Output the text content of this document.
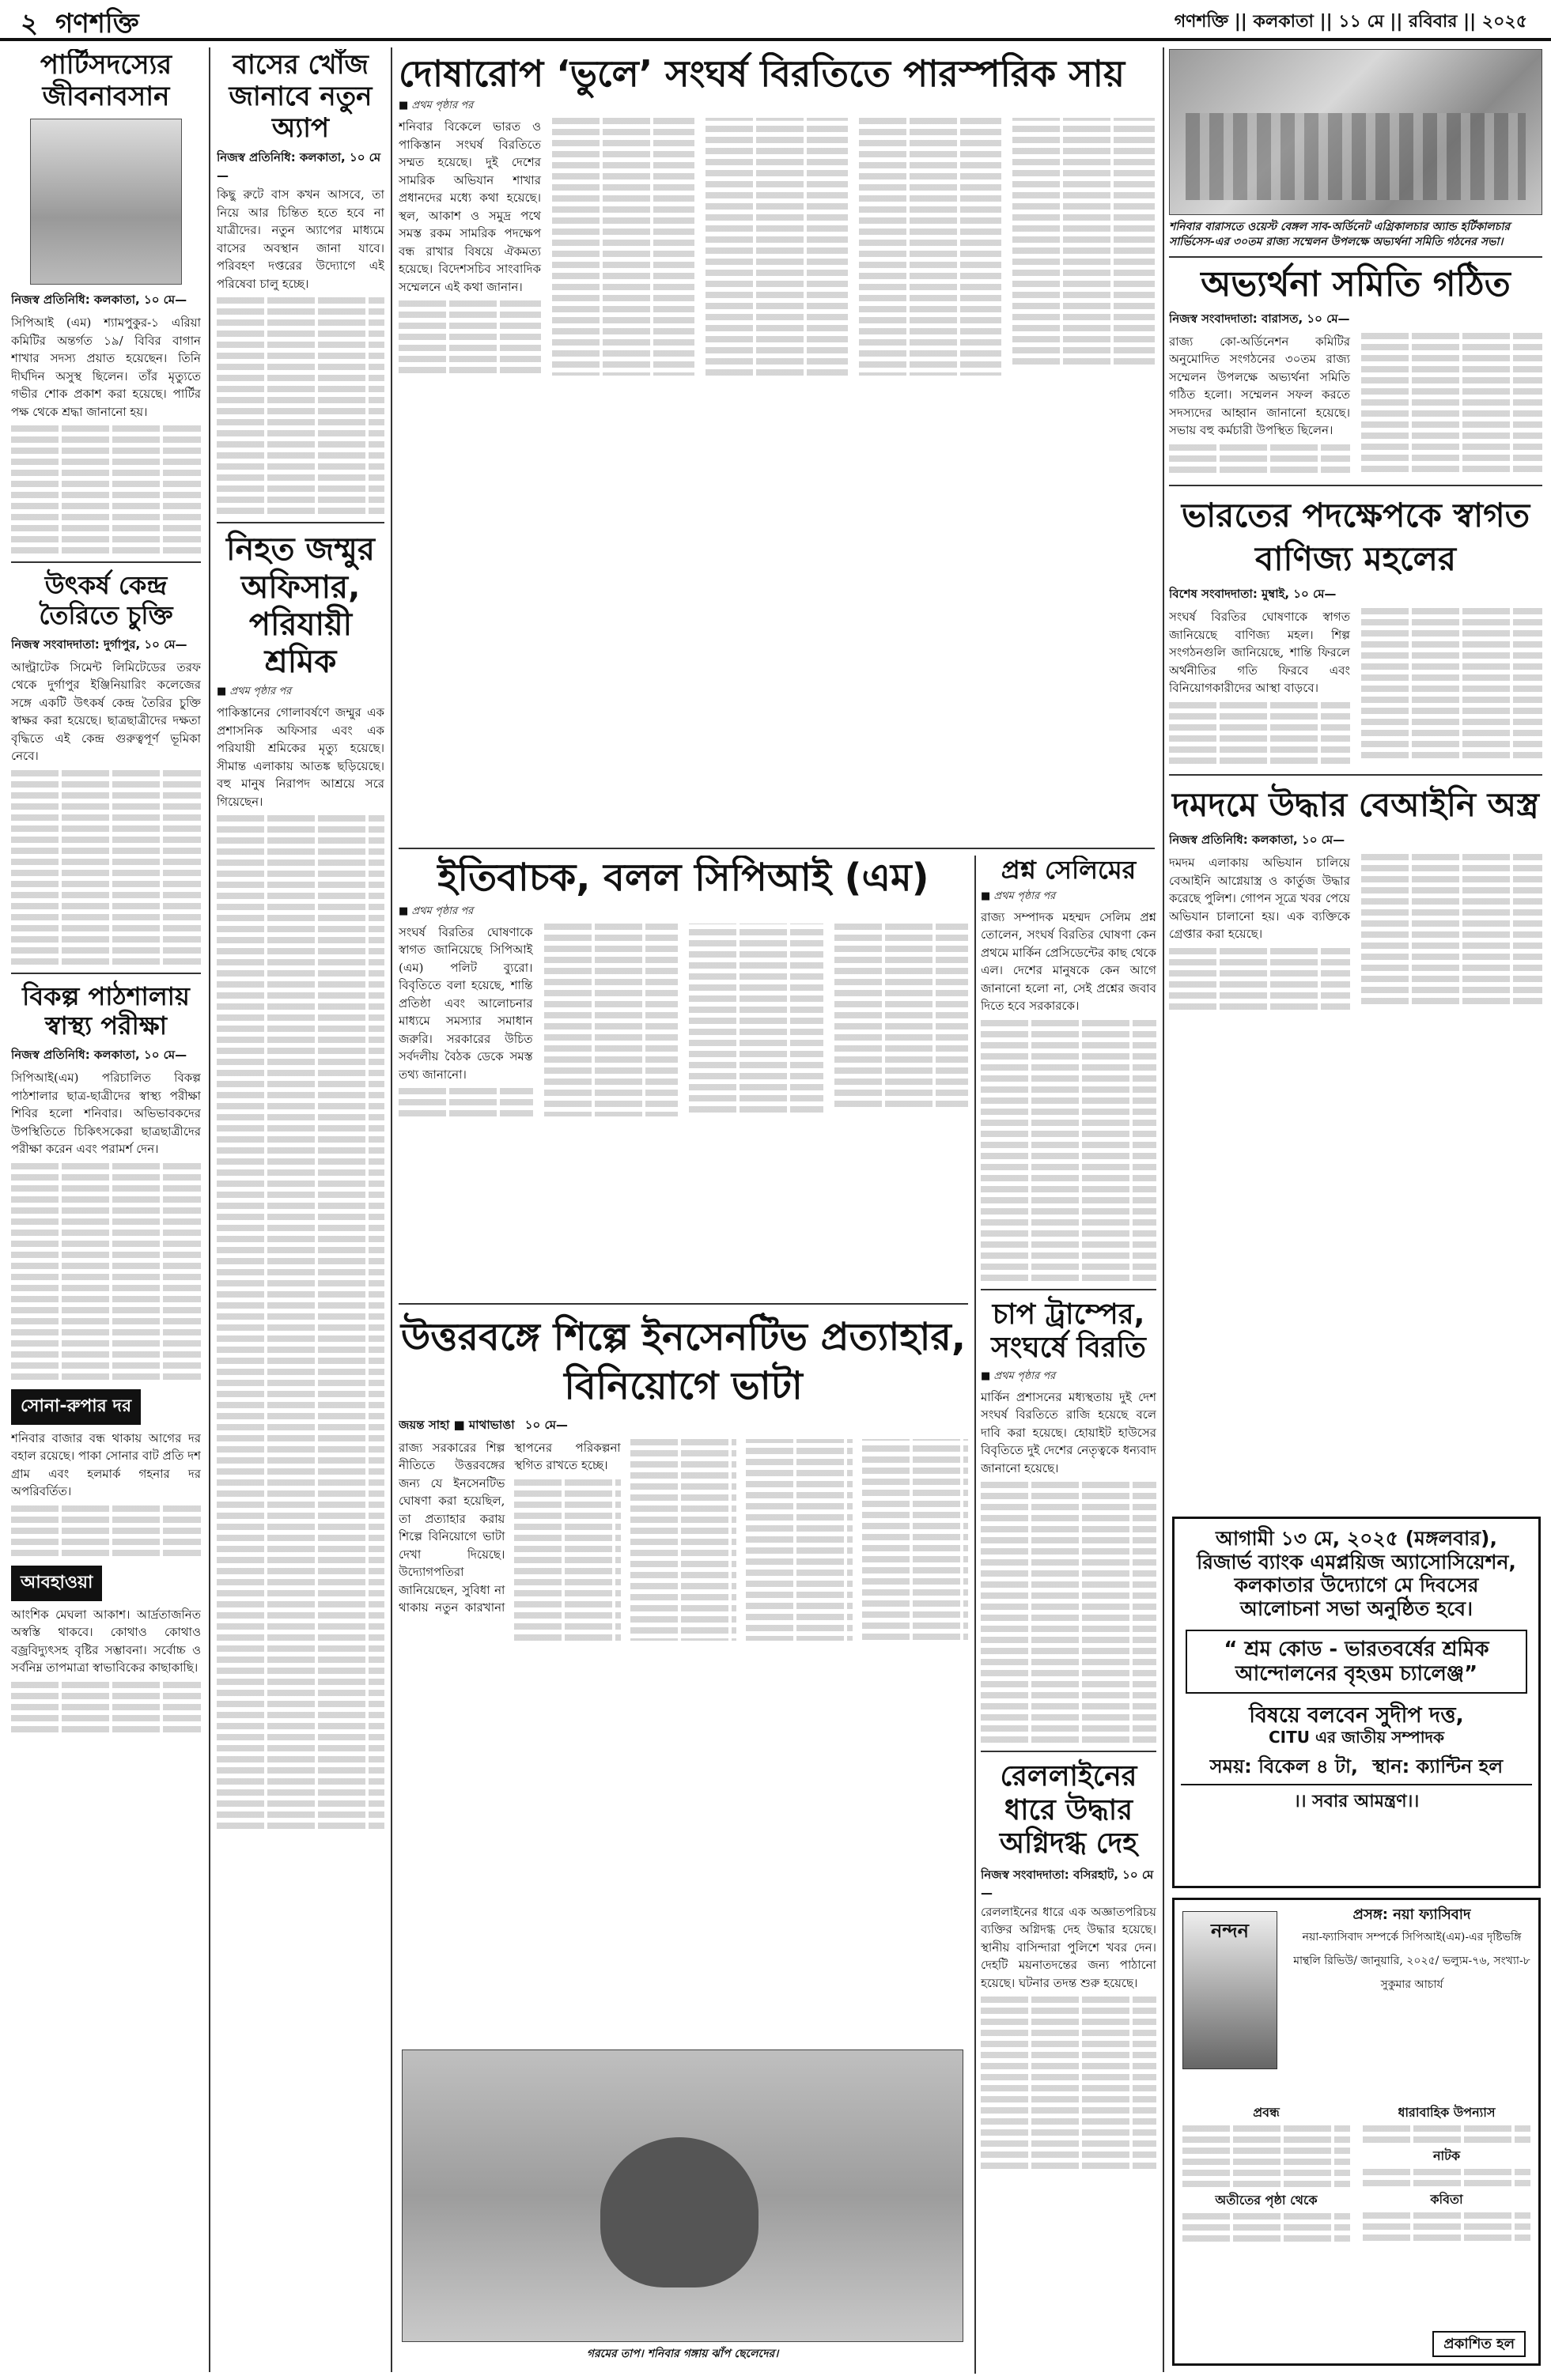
২ গণশক্তি	গণশক্তি || কলকাতা || ১১ মে || রবিবার || ২০২৫
পার্টিসদস্যের জীবনাবসান
নিজস্ব প্রতিনিধি: কলকাতা, ১০ মে—
সিপিআই (এম) শ্যামপুকুর-১ এরিয়া কমিটির অন্তর্গত ১৯/ বিবির বাগান শাখার সদস্য প্রয়াত হয়েছেন। তিনি দীর্ঘদিন অসুস্থ ছিলেন। তাঁর মৃত্যুতে গভীর শোক প্রকাশ করা হয়েছে। পার্টির পক্ষ থেকে শ্রদ্ধা জানানো হয়।
উৎকর্ষ কেন্দ্র তৈরিতে চুক্তি
নিজস্ব সংবাদদাতা: দুর্গাপুর, ১০ মে—
আল্ট্রাটেক সিমেন্ট লিমিটেডের তরফ থেকে দুর্গাপুর ইঞ্জিনিয়ারিং কলেজের সঙ্গে একটি উৎকর্ষ কেন্দ্র তৈরির চুক্তি স্বাক্ষর করা হয়েছে। ছাত্রছাত্রীদের দক্ষতা বৃদ্ধিতে এই কেন্দ্র গুরুত্বপূর্ণ ভূমিকা নেবে।
বিকল্প পাঠশালায় স্বাস্থ্য পরীক্ষা
নিজস্ব প্রতিনিধি: কলকাতা, ১০ মে—
সিপিআই(এম) পরিচালিত বিকল্প পাঠশালার ছাত্র-ছাত্রীদের স্বাস্থ্য পরীক্ষা শিবির হলো শনিবার। অভিভাবকদের উপস্থিতিতে চিকিৎসকেরা ছাত্রছাত্রীদের পরীক্ষা করেন এবং পরামর্শ দেন।
সোনা-রুপার দর
শনিবার বাজার বন্ধ থাকায় আগের দর বহাল রয়েছে। পাকা সোনার বাট প্রতি দশ গ্রাম এবং হলমার্ক গহনার দর অপরিবর্তিত।
আবহাওয়া
আংশিক মেঘলা আকাশ। আর্দ্রতাজনিত অস্বস্তি থাকবে। কোথাও কোথাও বজ্রবিদ্যুৎসহ বৃষ্টির সম্ভাবনা। সর্বোচ্চ ও সর্বনিম্ন তাপমাত্রা স্বাভাবিকের কাছাকাছি।
বাসের খোঁজ জানাবে নতুন অ্যাপ
নিজস্ব প্রতিনিধি: কলকাতা, ১০ মে—
কিছু রুটে বাস কখন আসবে, তা নিয়ে আর চিন্তিত হতে হবে না যাত্রীদের। নতুন অ্যাপের মাধ্যমে বাসের অবস্থান জানা যাবে। পরিবহণ দপ্তরের উদ্যোগে এই পরিষেবা চালু হচ্ছে।
নিহত জম্মুর অফিসার, পরিযায়ী শ্রমিক
■ প্রথম পৃষ্ঠার পর
পাকিস্তানের গোলাবর্ষণে জম্মুর এক প্রশাসনিক অফিসার এবং এক পরিযায়ী শ্রমিকের মৃত্যু হয়েছে। সীমান্ত এলাকায় আতঙ্ক ছড়িয়েছে। বহু মানুষ নিরাপদ আশ্রয়ে সরে গিয়েছেন।
দোষারোপ ‘ভুলে’ সংঘর্ষ বিরতিতে পারস্পরিক সায়
■ প্রথম পৃষ্ঠার পর
শনিবার বিকেলে ভারত ও পাকিস্তান সংঘর্ষ বিরতিতে সম্মত হয়েছে। দুই দেশের সামরিক অভিযান শাখার প্রধানদের মধ্যে কথা হয়েছে। স্থল, আকাশ ও সমুদ্র পথে সমস্ত রকম সামরিক পদক্ষেপ বন্ধ রাখার বিষয়ে ঐকমত্য হয়েছে। বিদেশসচিব সাংবাদিক সম্মেলনে এই কথা জানান।
ইতিবাচক, বলল সিপিআই (এম)
■ প্রথম পৃষ্ঠার পর
সংঘর্ষ বিরতির ঘোষণাকে স্বাগত জানিয়েছে সিপিআই (এম) পলিট ব্যুরো। বিবৃতিতে বলা হয়েছে, শান্তি প্রতিষ্ঠা এবং আলোচনার মাধ্যমে সমস্যার সমাধান জরুরি। সরকারের উচিত সর্বদলীয় বৈঠক ডেকে সমস্ত তথ্য জানানো।
উত্তরবঙ্গে শিল্পে ইনসেনটিভ প্রত্যাহার, বিনিয়োগে ভাটা
জয়ন্ত সাহা ■ মাথাভাঙা ১০ মে—
রাজ্য সরকারের শিল্প নীতিতে উত্তরবঙ্গের জন্য যে ইনসেনটিভ ঘোষণা করা হয়েছিল, তা প্রত্যাহার করায় শিল্পে বিনিয়োগে ভাটা দেখা দিয়েছে। উদ্যোগপতিরা জানিয়েছেন, সুবিধা না থাকায় নতুন কারখানা স্থাপনের পরিকল্পনা স্থগিত রাখতে হচ্ছে।
গরমের তাপ। শনিবার গঙ্গায় ঝাঁপ ছেলেদের।
প্রশ্ন সেলিমের
■ প্রথম পৃষ্ঠার পর
রাজ্য সম্পাদক মহম্মদ সেলিম প্রশ্ন তোলেন, সংঘর্ষ বিরতির ঘোষণা কেন প্রথমে মার্কিন প্রেসিডেন্টের কাছ থেকে এল। দেশের মানুষকে কেন আগে জানানো হলো না, সেই প্রশ্নের জবাব দিতে হবে সরকারকে।
চাপ ট্রাম্পের, সংঘর্ষে বিরতি
■ প্রথম পৃষ্ঠার পর
মার্কিন প্রশাসনের মধ্যস্থতায় দুই দেশ সংঘর্ষ বিরতিতে রাজি হয়েছে বলে দাবি করা হয়েছে। হোয়াইট হাউসের বিবৃতিতে দুই দেশের নেতৃত্বকে ধন্যবাদ জানানো হয়েছে।
রেললাইনের ধারে উদ্ধার অগ্নিদগ্ধ দেহ
নিজস্ব সংবাদদাতা: বসিরহাট, ১০ মে—
রেললাইনের ধারে এক অজ্ঞাতপরিচয় ব্যক্তির অগ্নিদগ্ধ দেহ উদ্ধার হয়েছে। স্থানীয় বাসিন্দারা পুলিশে খবর দেন। দেহটি ময়নাতদন্তের জন্য পাঠানো হয়েছে। ঘটনার তদন্ত শুরু হয়েছে।
শনিবার বারাসতে ওয়েস্ট বেঙ্গল সাব-অর্ডিনেট এগ্রিকালচার অ্যান্ড হর্টিকালচার সার্ভিসেস-এর ৩০তম রাজ্য সম্মেলন উপলক্ষে অভ্যর্থনা সমিতি গঠনের সভা।
অভ্যর্থনা সমিতি গঠিত
নিজস্ব সংবাদদাতা: বারাসত, ১০ মে—
রাজ্য কো-অর্ডিনেশন কমিটির অনুমোদিত সংগঠনের ৩০তম রাজ্য সম্মেলন উপলক্ষে অভ্যর্থনা সমিতি গঠিত হলো। সম্মেলন সফল করতে সদস্যদের আহ্বান জানানো হয়েছে। সভায় বহু কর্মচারী উপস্থিত ছিলেন।
ভারতের পদক্ষেপকে স্বাগত বাণিজ্য মহলের
বিশেষ সংবাদদাতা: মুম্বাই, ১০ মে—
সংঘর্ষ বিরতির ঘোষণাকে স্বাগত জানিয়েছে বাণিজ্য মহল। শিল্প সংগঠনগুলি জানিয়েছে, শান্তি ফিরলে অর্থনীতির গতি ফিরবে এবং বিনিয়োগকারীদের আস্থা বাড়বে।
দমদমে উদ্ধার বেআইনি অস্ত্র
নিজস্ব প্রতিনিধি: কলকাতা, ১০ মে—
দমদম এলাকায় অভিযান চালিয়ে বেআইনি আগ্নেয়াস্ত্র ও কার্তুজ উদ্ধার করেছে পুলিশ। গোপন সূত্রে খবর পেয়ে অভিযান চালানো হয়। এক ব্যক্তিকে গ্রেপ্তার করা হয়েছে।
আগামী ১৩ মে, ২০২৫ (মঙ্গলবার),
রিজার্ভ ব্যাংক এমপ্লয়িজ অ্যাসোসিয়েশন,
কলকাতার উদ্যোগে মে দিবসের
আলোচনা সভা অনুষ্ঠিত হবে।
“ শ্রম কোড - ভারতবর্ষের শ্রমিক আন্দোলনের বৃহত্তম চ্যালেঞ্জ”
বিষয়ে বলবেন সুদীপ দত্ত,
CITU এর জাতীয় সম্পাদক
সময়: বিকেল ৪ টা, স্থান: ক্যান্টিন হল
।। সবার আমন্ত্রণ।।
নন্দন
প্রসঙ্গ: নয়া ফ্যাসিবাদ
নয়া-ফ্যাসিবাদ সম্পর্কে সিপিআই(এম)-এর দৃষ্টিভঙ্গি
মান্থলি রিভিউ/ জানুয়ারি, ২০২৫/ ভল্যুম-৭৬, সংখ্যা-৮
সুকুমার আচার্য
প্রবন্ধ
অতীতের পৃষ্ঠা থেকে
ধারাবাহিক উপন্যাস
নাটক
কবিতা
প্রকাশিত হল
